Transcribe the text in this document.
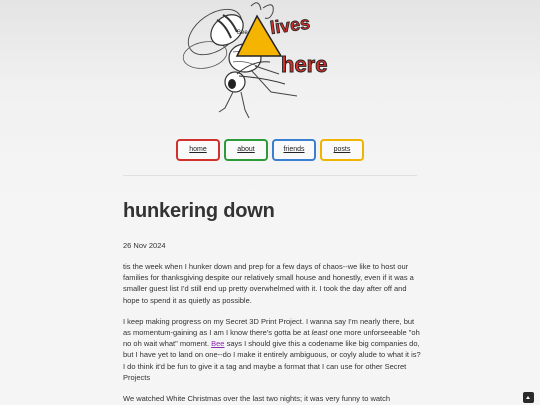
lives
here
Bee
home	about	friends	posts
hunkering down
26 Nov 2024

tis the week when I hunker down and prep for a few days of chaos--we like to host our families for thanksgiving despite our relatively small house and honestly, even if it was a smaller guest list I'd still end up pretty overwhelmed with it. I took the day after off and hope to spend it as quietly as possible.

I keep making progress on my Secret 3D Print Project. I wanna say I'm nearly there, but as momentum-gaining as I am I know there's gotta be at least one more unforseeable "oh no oh wait what" moment. Bee says I should give this a codename like big companies do, but I have yet to land on one--do I make it entirely ambiguous, or coyly alude to what it is? I do think it'd be fun to give it a tag and maybe a format that I can use for other Secret Projects

We watched White Christmas over the last two nights; it was very funny to watch
